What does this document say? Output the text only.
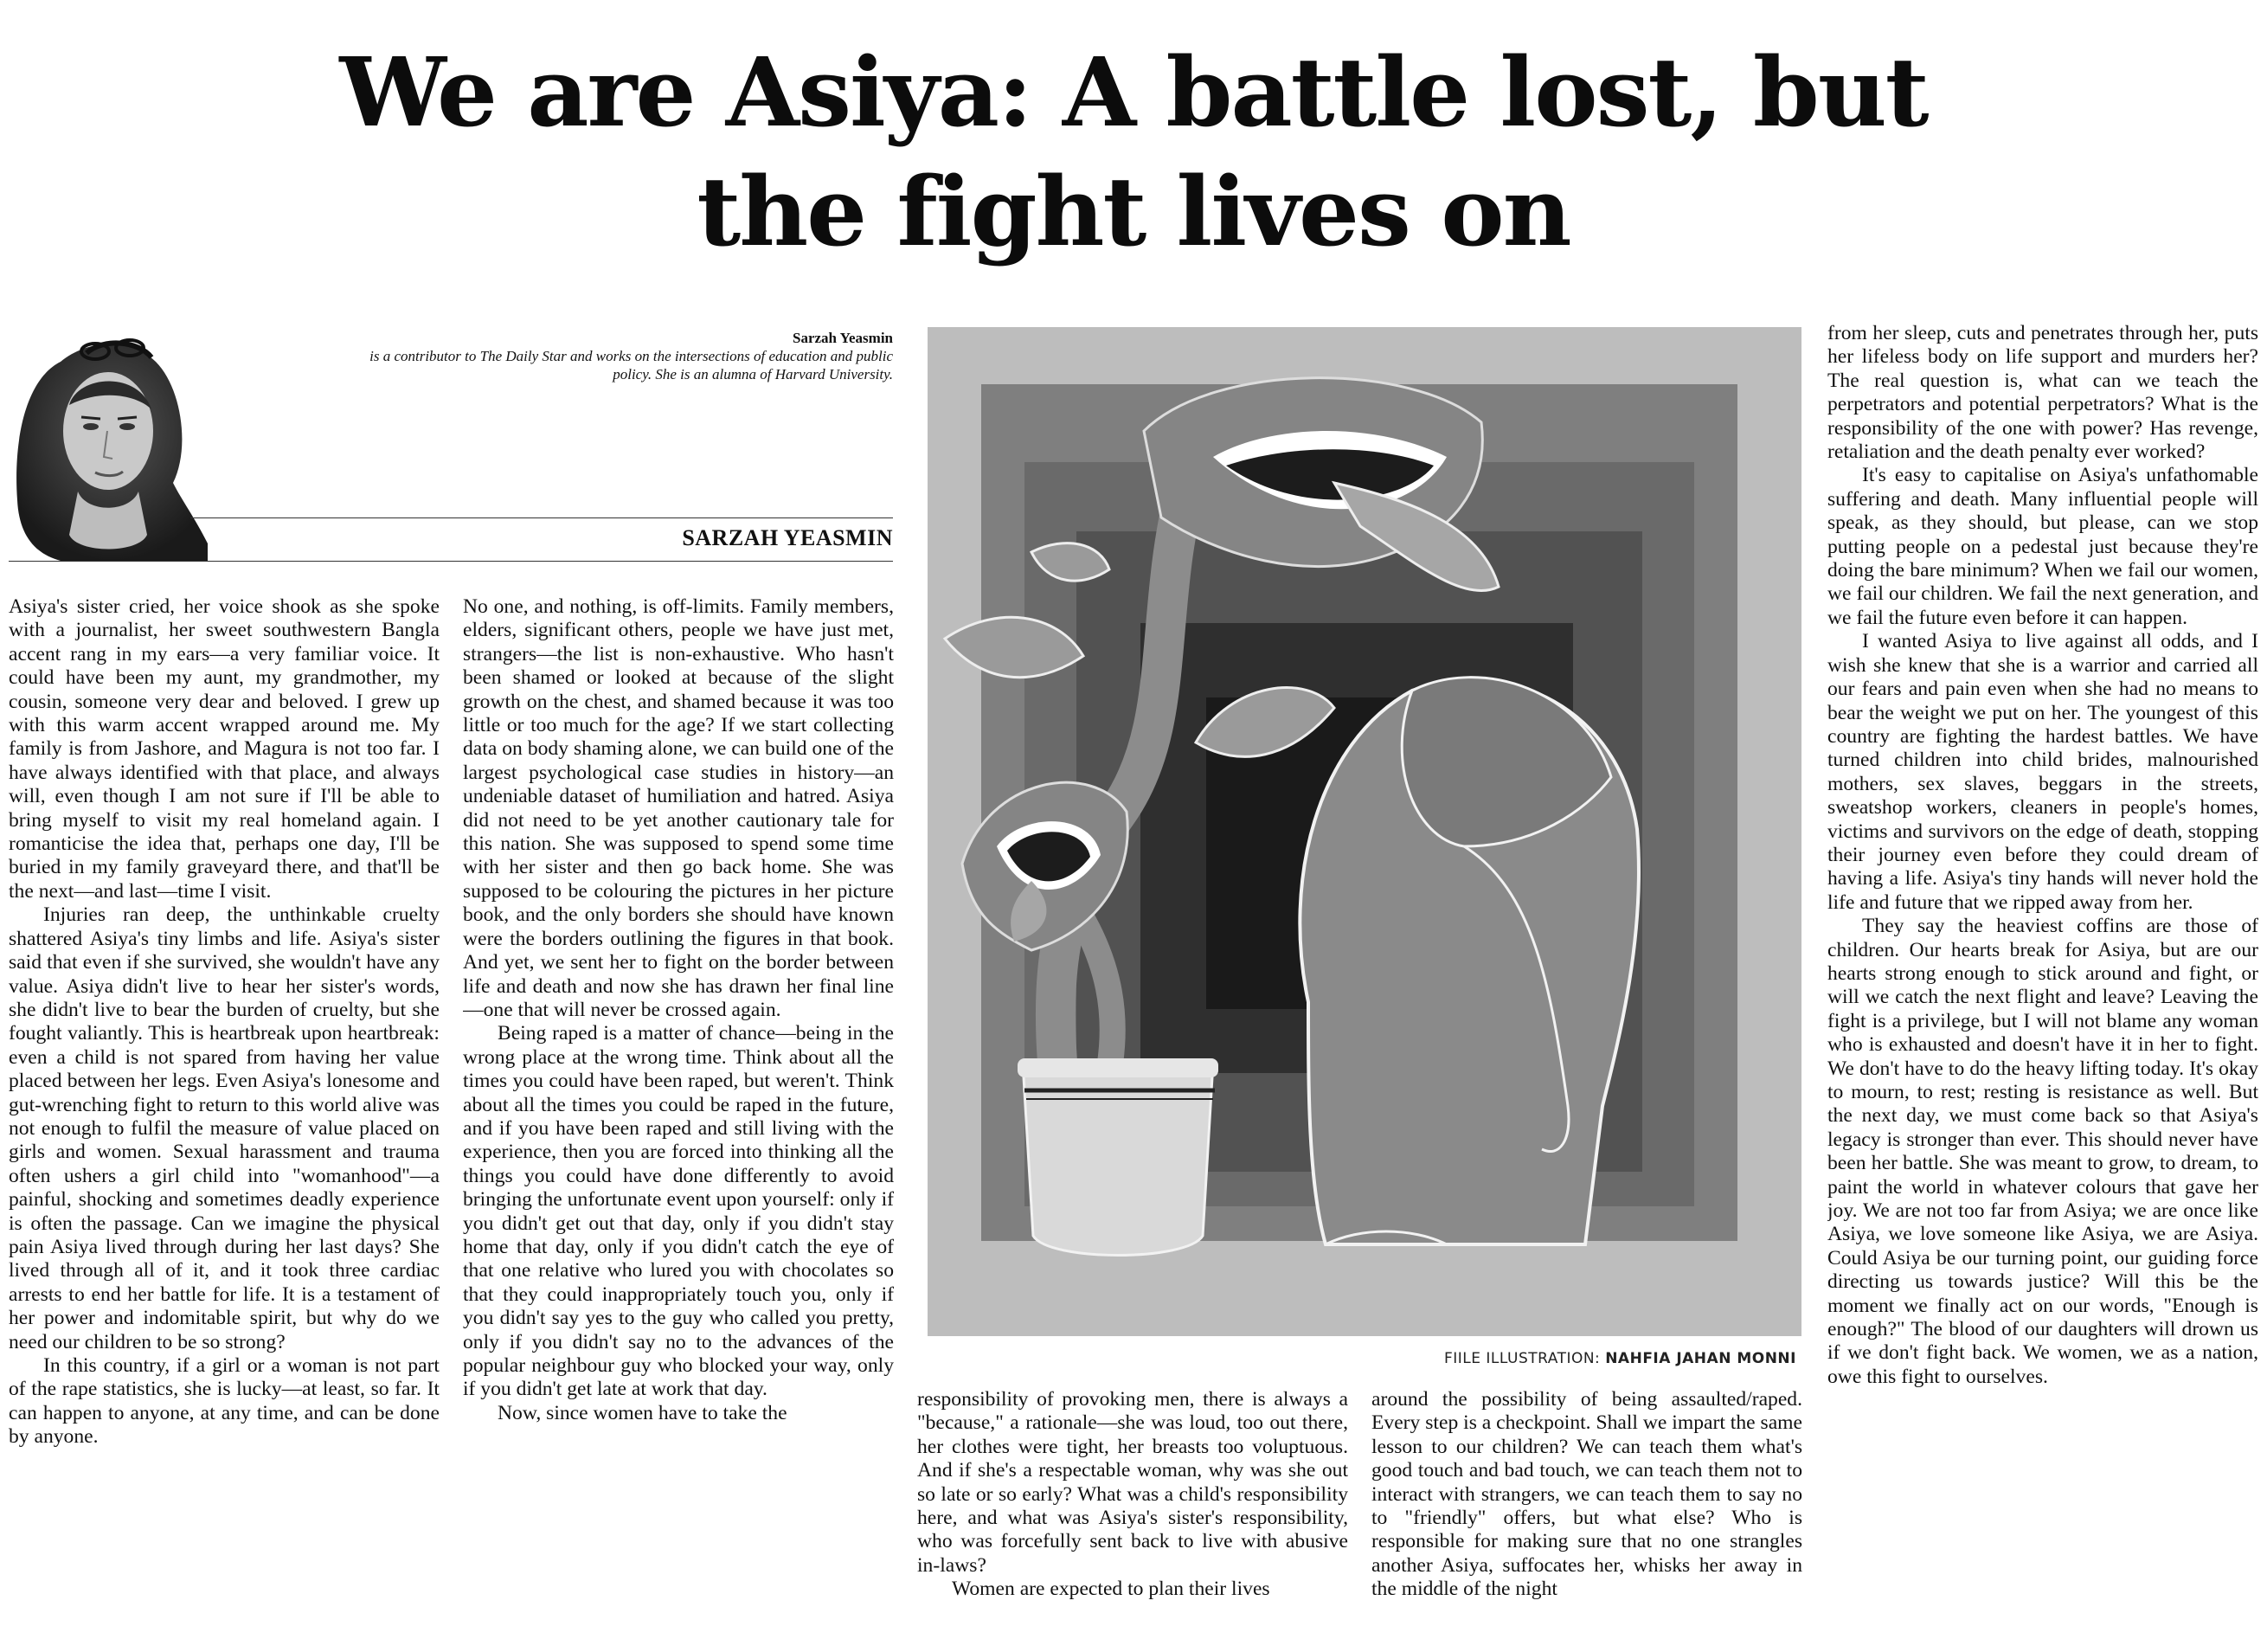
We are Asiya: A battle lost, but
the fight lives on
Sarzah Yeasmin
is a contributor to The Daily Star and works on the intersections of education and public policy. She is an alumna of Harvard University.
SARZAH YEASMIN

Asiya's sister cried, her voice shook as she spoke with a journalist, her sweet southwestern Bangla accent rang in my ears—a very familiar voice. It could have been my aunt, my grandmother, my cousin, someone very dear and beloved. I grew up with this warm accent wrapped around me. My family is from Jashore, and Magura is not too far. I have always identified with that place, and always will, even though I am not sure if I'll be able to bring myself to visit my real homeland again. I romanticise the idea that, perhaps one day, I'll be buried in my family graveyard there, and that'll be the next—and last—time I visit.

Injuries ran deep, the unthinkable cruelty shattered Asiya's tiny limbs and life. Asiya's sister said that even if she survived, she wouldn't have any value. Asiya didn't live to hear her sister's words, she didn't live to bear the burden of cruelty, but she fought valiantly. This is heartbreak upon heartbreak: even a child is not spared from having her value placed between her legs. Even Asiya's lonesome and gut-wrenching fight to return to this world alive was not enough to fulfil the measure of value placed on girls and women. Sexual harassment and trauma often ushers a girl child into "womanhood"—a painful, shocking and sometimes deadly experience is often the passage. Can we imagine the physical pain Asiya lived through during her last days? She lived through all of it, and it took three cardiac arrests to end her battle for life. It is a testament of her power and indomitable spirit, but why do we need our children to be so strong?

In this country, if a girl or a woman is not part of the rape statistics, she is lucky—at least, so far. It can happen to anyone, at any time, and can be done by anyone.

No one, and nothing, is off-limits. Family members, elders, significant others, people we have just met, strangers—the list is non-exhaustive. Who hasn't been shamed or looked at because of the slight growth on the chest, and shamed because it was too little or too much for the age? If we start collecting data on body shaming alone, we can build one of the largest psychological case studies in history—an undeniable dataset of humiliation and hatred. Asiya did not need to be yet another cautionary tale for this nation. She was supposed to spend some time with her sister and then go back home. She was supposed to be colouring the pictures in her picture book, and the only borders she should have known were the borders outlining the figures in that book. And yet, we sent her to fight on the border between life and death and now she has drawn her final line—one that will never be crossed again.

Being raped is a matter of chance—being in the wrong place at the wrong time. Think about all the times you could have been raped, but weren't. Think about all the times you could be raped in the future, and if you have been raped and still living with the experience, then you are forced into thinking all the things you could have done differently to avoid bringing the unfortunate event upon yourself: only if you didn't get out that day, only if you didn't stay home that day, only if you didn't catch the eye of that one relative who lured you with chocolates so that they could inappropriately touch you, only if you didn't say yes to the guy who called you pretty, only if you didn't say no to the advances of the popular neighbour guy who blocked your way, only if you didn't get late at work that day.

Now, since women have to take the

FIILE ILLUSTRATION: NAHFIA JAHAN MONNI

responsibility of provoking men, there is always a "because," a rationale—she was loud, too out there, her clothes were tight, her breasts too voluptuous. And if she's a respectable woman, why was she out so late or so early? What was a child's responsibility here, and what was Asiya's sister's responsibility, who was forcefully sent back to live with abusive in-laws?

Women are expected to plan their lives

around the possibility of being assaulted/raped. Every step is a checkpoint. Shall we impart the same lesson to our children? We can teach them what's good touch and bad touch, we can teach them not to interact with strangers, we can teach them to say no to "friendly" offers, but what else? Who is responsible for making sure that no one strangles another Asiya, suffocates her, whisks her away in the middle of the night

from her sleep, cuts and penetrates through her, puts her lifeless body on life support and murders her? The real question is, what can we teach the perpetrators and potential perpetrators? What is the responsibility of the one with power? Has revenge, retaliation and the death penalty ever worked?

It's easy to capitalise on Asiya's unfathomable suffering and death. Many influential people will speak, as they should, but please, can we stop putting people on a pedestal just because they're doing the bare minimum? When we fail our women, we fail our children. We fail the next generation, and we fail the future even before it can happen.

I wanted Asiya to live against all odds, and I wish she knew that she is a warrior and carried all our fears and pain even when she had no means to bear the weight we put on her. The youngest of this country are fighting the hardest battles. We have turned children into child brides, malnourished mothers, sex slaves, beggars in the streets, sweatshop workers, cleaners in people's homes, victims and survivors on the edge of death, stopping their journey even before they could dream of having a life. Asiya's tiny hands will never hold the life and future that we ripped away from her.

They say the heaviest coffins are those of children. Our hearts break for Asiya, but are our hearts strong enough to stick around and fight, or will we catch the next flight and leave? Leaving the fight is a privilege, but I will not blame any woman who is exhausted and doesn't have it in her to fight. We don't have to do the heavy lifting today. It's okay to mourn, to rest; resting is resistance as well. But the next day, we must come back so that Asiya's legacy is stronger than ever. This should never have been her battle. She was meant to grow, to dream, to paint the world in whatever colours that gave her joy. We are not too far from Asiya; we are once like Asiya, we love someone like Asiya, we are Asiya. Could Asiya be our turning point, our guiding force directing us towards justice? Will this be the moment we finally act on our words, "Enough is enough?" The blood of our daughters will drown us if we don't fight back. We women, we as a nation, owe this fight to ourselves.
